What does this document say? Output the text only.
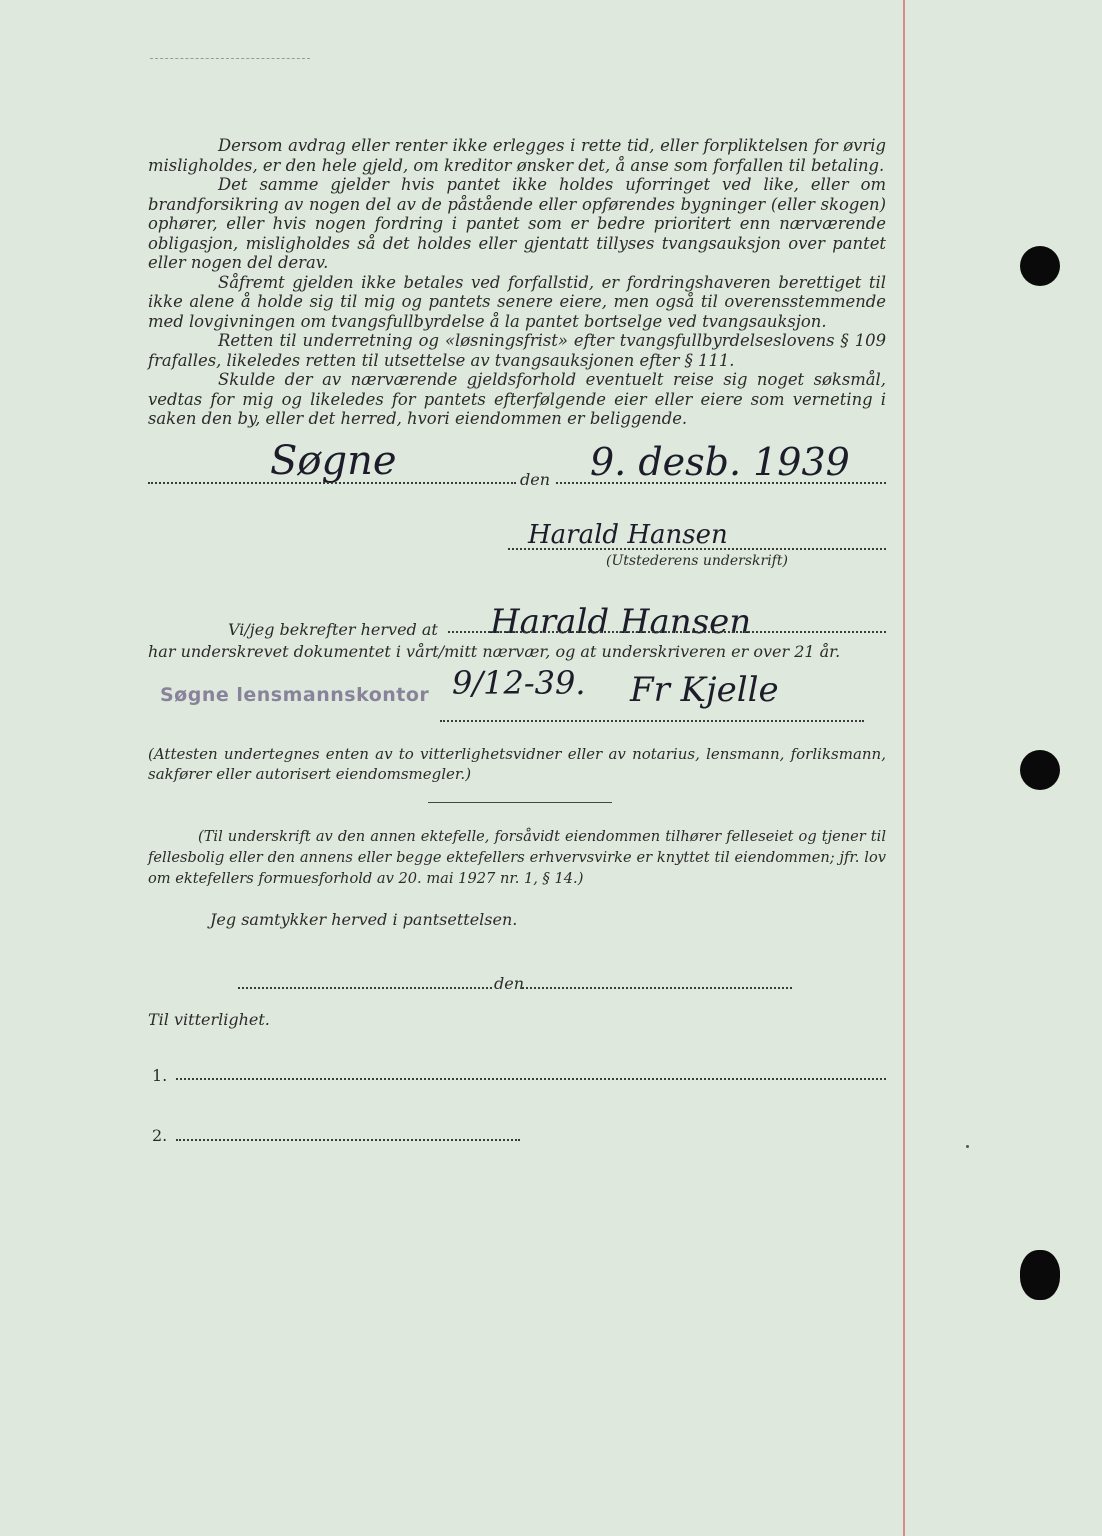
Dersom avdrag eller renter ikke erlegges i rette tid, eller forpliktelsen for øvrig misligholdes, er den hele gjeld, om kreditor ønsker det, å anse som forfallen til betaling.
Det samme gjelder hvis pantet ikke holdes uforringet ved like, eller om brandforsikring av nogen del av de påstående eller opførendes bygninger (eller skogen) ophører, eller hvis nogen fordring i pantet som er bedre prioritert enn nærværende obligasjon, misligholdes så det holdes eller gjentatt tillyses tvangsauksjon over pantet eller nogen del derav.
Såfremt gjelden ikke betales ved forfallstid, er fordringshaveren berettiget til ikke alene å holde sig til mig og pantets senere eiere, men også til overensstemmende med lovgivningen om tvangsfullbyrdelse å la pantet bortselge ved tvangsauksjon.
Retten til underretning og «løsningsfrist» efter tvangsfullbyrdelseslovens § 109 frafalles, likeledes retten til utsettelse av tvangsauksjonen efter § 111.
Skulde der av nærværende gjeldsforhold eventuelt reise sig noget søksmål, vedtas for mig og likeledes for pantets efterfølgende eier eller eiere som verneting i saken den by, eller det herred, hvori eiendommen er beliggende.
Søgne	den 9. desb. 1939
Harald Hansen
(Utstederens underskrift)
Vi/jeg bekrefter herved at Harald Hansen
har underskrevet dokumentet i vårt/mitt nærvær, og at underskriveren er over 21 år.
Søgne lensmannskontor 9/12-39. Fr Kjelle
(Attesten undertegnes enten av to vitterlighetsvidner eller av notarius, lensmann, forliksmann, sakfører eller autorisert eiendomsmegler.)
(Til underskrift av den annen ektefelle, forsåvidt eiendommen tilhører felleseiet og tjener til fellesbolig eller den annens eller begge ektefellers erhvervsvirke er knyttet til eiendommen; jfr. lov om ektefellers formuesforhold av 20. mai 1927 nr. 1, § 14.)
Jeg samtykker herved i pantsettelsen.
den
Til vitterlighet.
1.
2.
